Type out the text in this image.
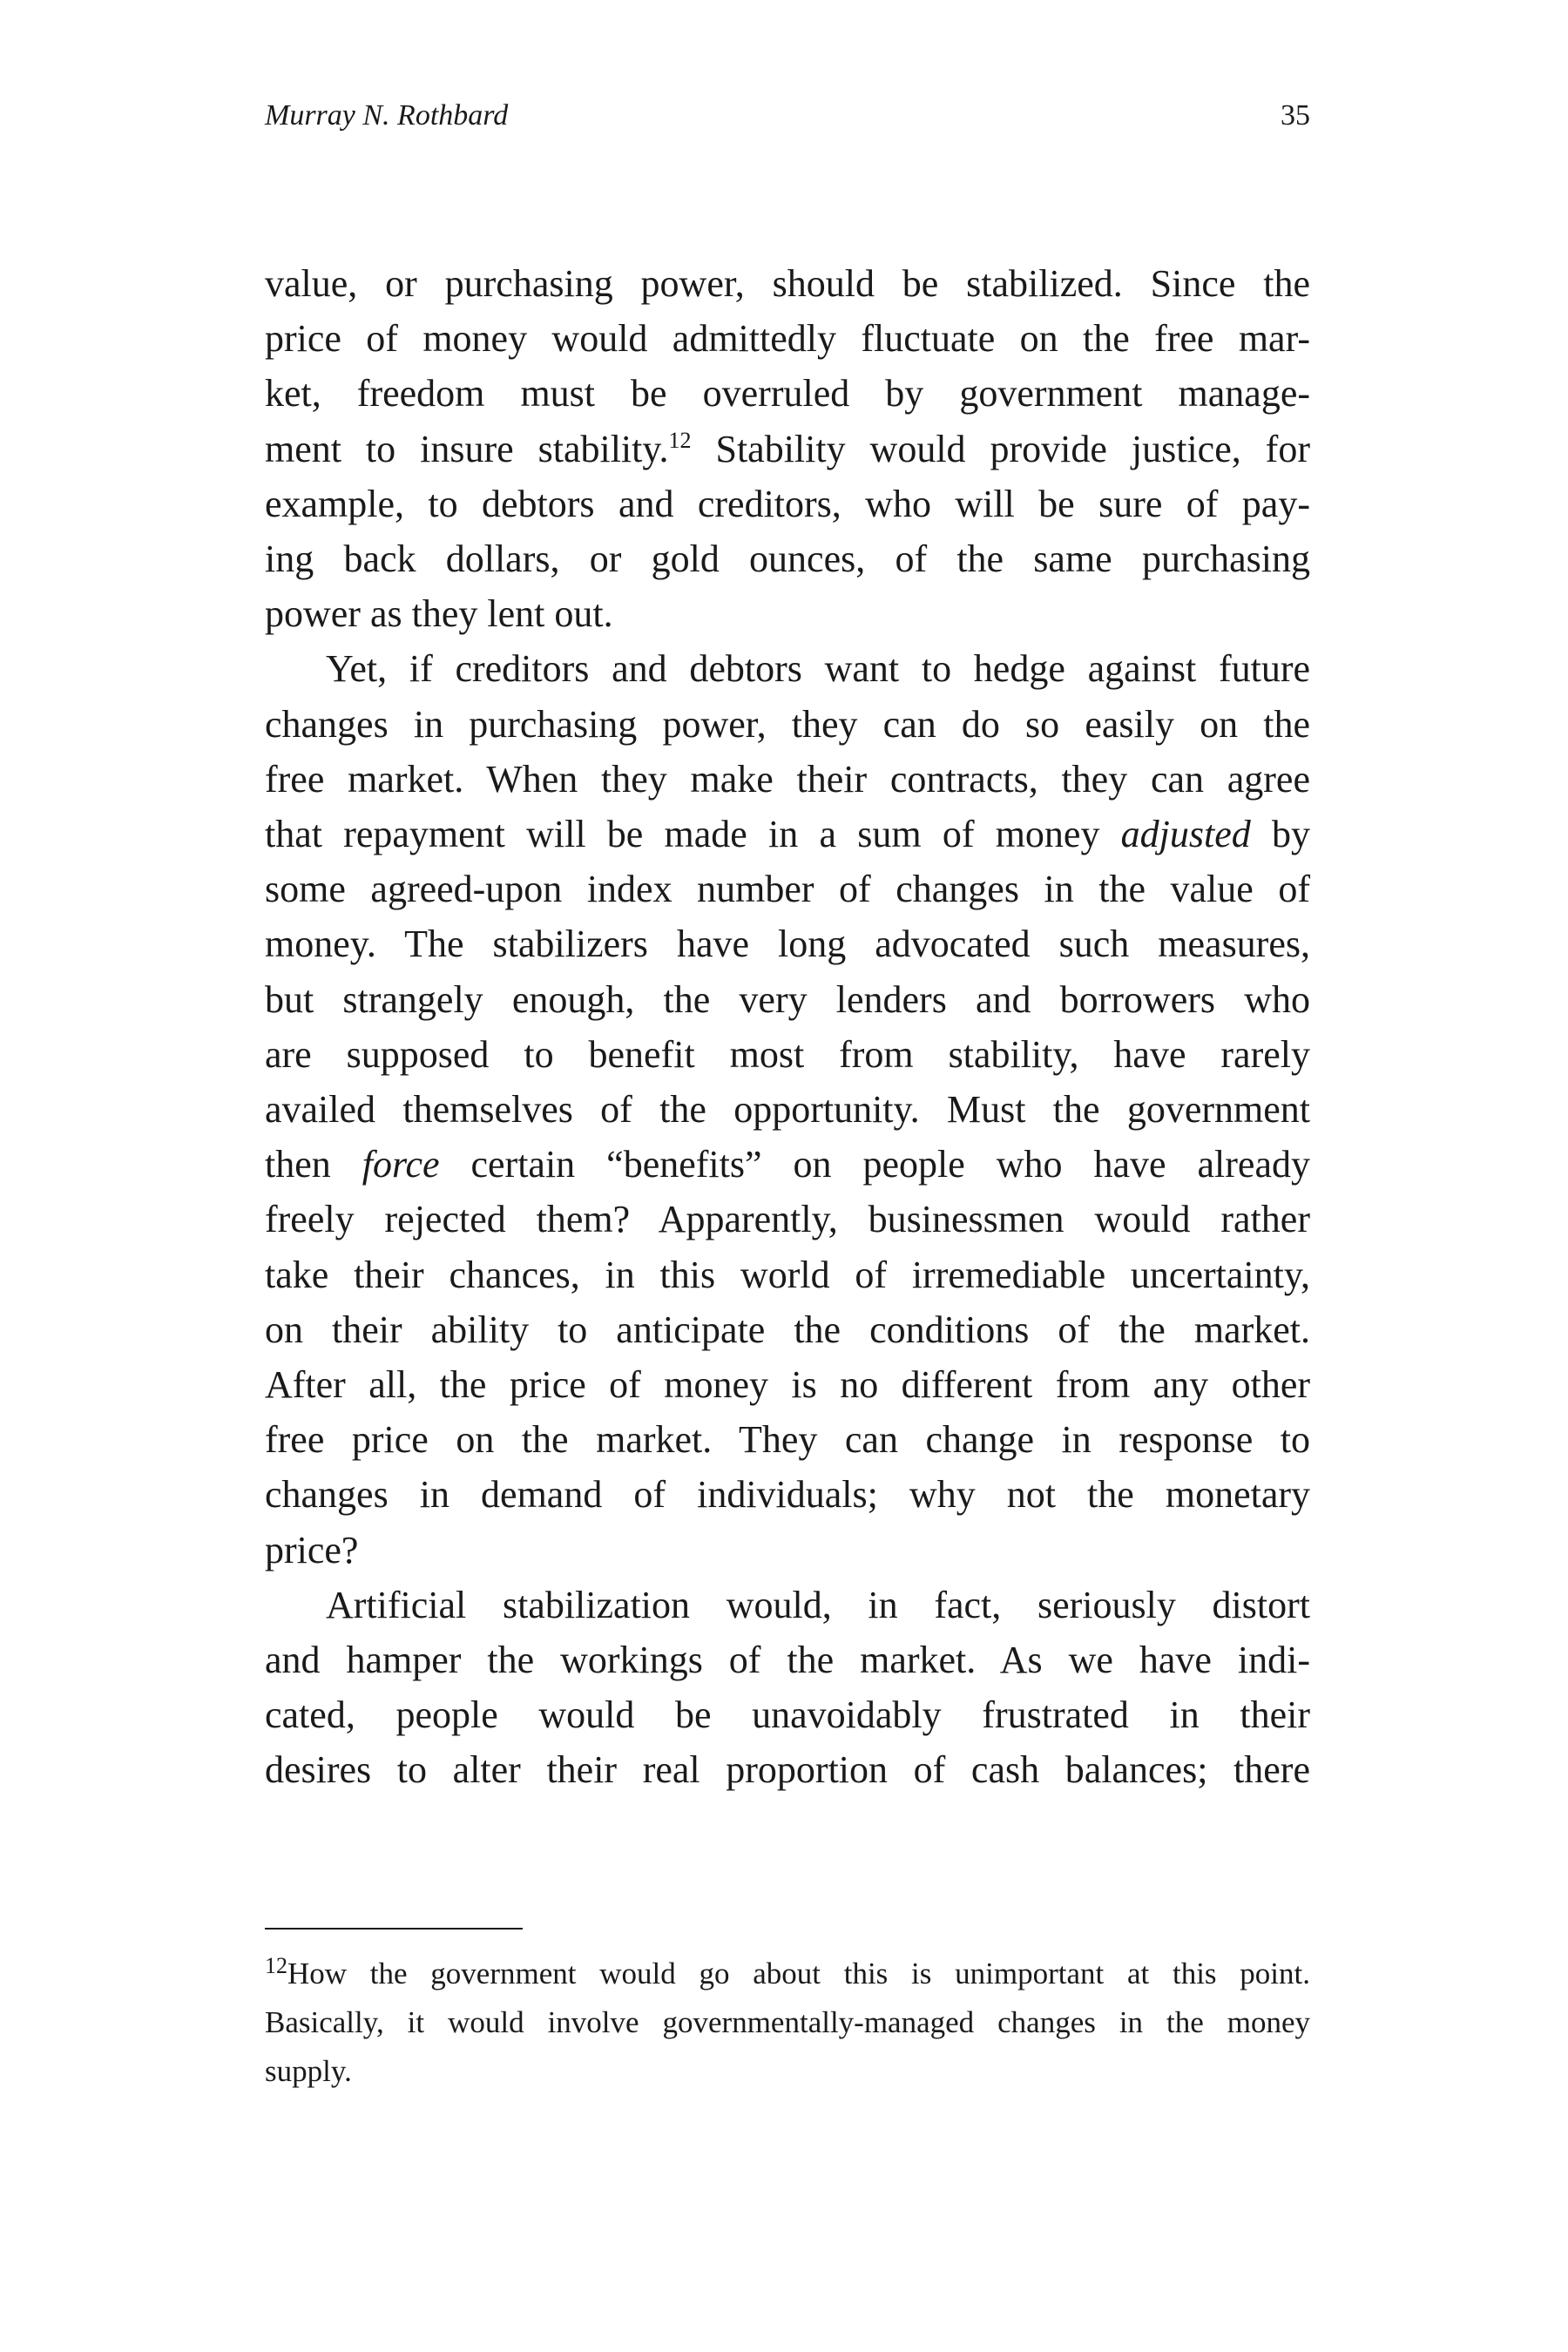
Murray N. Rothbard	35

value, or purchasing power, should be stabilized. Since the
price of money would admittedly fluctuate on the free mar-
ket, freedom must be overruled by government manage-
ment to insure stability.$^{12}$ Stability would provide justice, for
example, to debtors and creditors, who will be sure of pay-
ing back dollars, or gold ounces, of the same purchasing
power as they lent out.

Yet, if creditors and debtors want to hedge against future
changes in purchasing power, they can do so easily on the
free market. When they make their contracts, they can agree
that repayment will be made in a sum of money adjusted by
some agreed-upon index number of changes in the value of
money. The stabilizers have long advocated such measures,
but strangely enough, the very lenders and borrowers who
are supposed to benefit most from stability, have rarely
availed themselves of the opportunity. Must the government
then force certain “benefits” on people who have already
freely rejected them? Apparently, businessmen would rather
take their chances, in this world of irremediable uncertainty,
on their ability to anticipate the conditions of the market.
After all, the price of money is no different from any other
free price on the market. They can change in response to
changes in demand of individuals; why not the monetary
price?

Artificial stabilization would, in fact, seriously distort
and hamper the workings of the market. As we have indi-
cated, people would be unavoidably frustrated in their
desires to alter their real proportion of cash balances; there

$^{12}$How the government would go about this is unimportant at this point.
Basically, it would involve governmentally-managed changes in the money
supply.
